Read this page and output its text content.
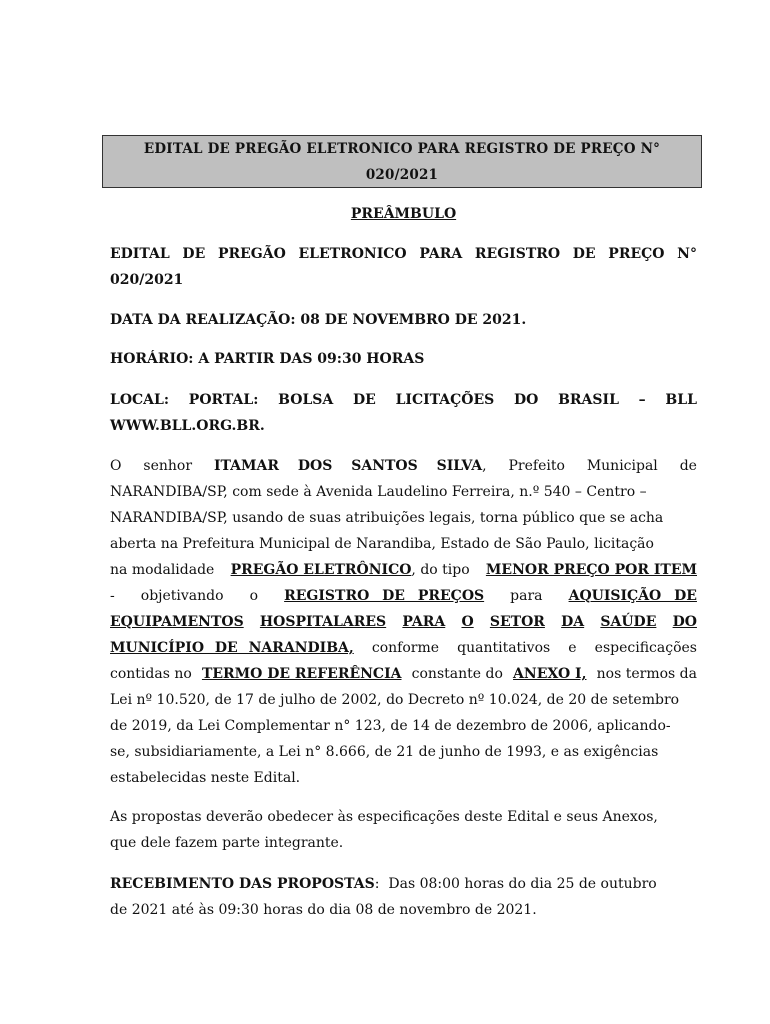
EDITAL DE PREGÃO ELETRONICO PARA REGISTRO DE PREÇO N°
020/2021
PREÂMBULO
EDITAL DE PREGÃO ELETRONICO PARA REGISTRO DE PREÇO N°
020/2021
DATA DA REALIZAÇÃO: 08 DE NOVEMBRO DE 2021.
HORÁRIO: A PARTIR DAS 09:30 HORAS
LOCAL: PORTAL: BOLSA DE LICITAÇÕES DO BRASIL – BLL
WWW.BLL.ORG.BR.
O senhor ITAMAR DOS SANTOS SILVA, Prefeito Municipal de
NARANDIBA/SP, com sede à Avenida Laudelino Ferreira, n.º 540 – Centro –
NARANDIBA/SP, usando de suas atribuições legais, torna público que se acha
aberta na Prefeitura Municipal de Narandiba, Estado de São Paulo, licitação
na modalidade PREGÃO ELETRÔNICO, do tipo MENOR PREÇO POR ITEM
- objetivando o REGISTRO DE PREÇOS para AQUISIÇÃO DE
EQUIPAMENTOS HOSPITALARES PARA O SETOR DA SAÚDE DO
MUNICÍPIO DE NARANDIBA, conforme quantitativos e especificações
contidas no TERMO DE REFERÊNCIA constante do ANEXO I, nos termos da
Lei nº 10.520, de 17 de julho de 2002, do Decreto nº 10.024, de 20 de setembro
de 2019, da Lei Complementar n° 123, de 14 de dezembro de 2006, aplicando-
se, subsidiariamente, a Lei n° 8.666, de 21 de junho de 1993, e as exigências
estabelecidas neste Edital.
As propostas deverão obedecer às especificações deste Edital e seus Anexos,
que dele fazem parte integrante.
RECEBIMENTO DAS PROPOSTAS:  Das 08:00 horas do dia 25 de outubro
de 2021 até às 09:30 horas do dia 08 de novembro de 2021.
